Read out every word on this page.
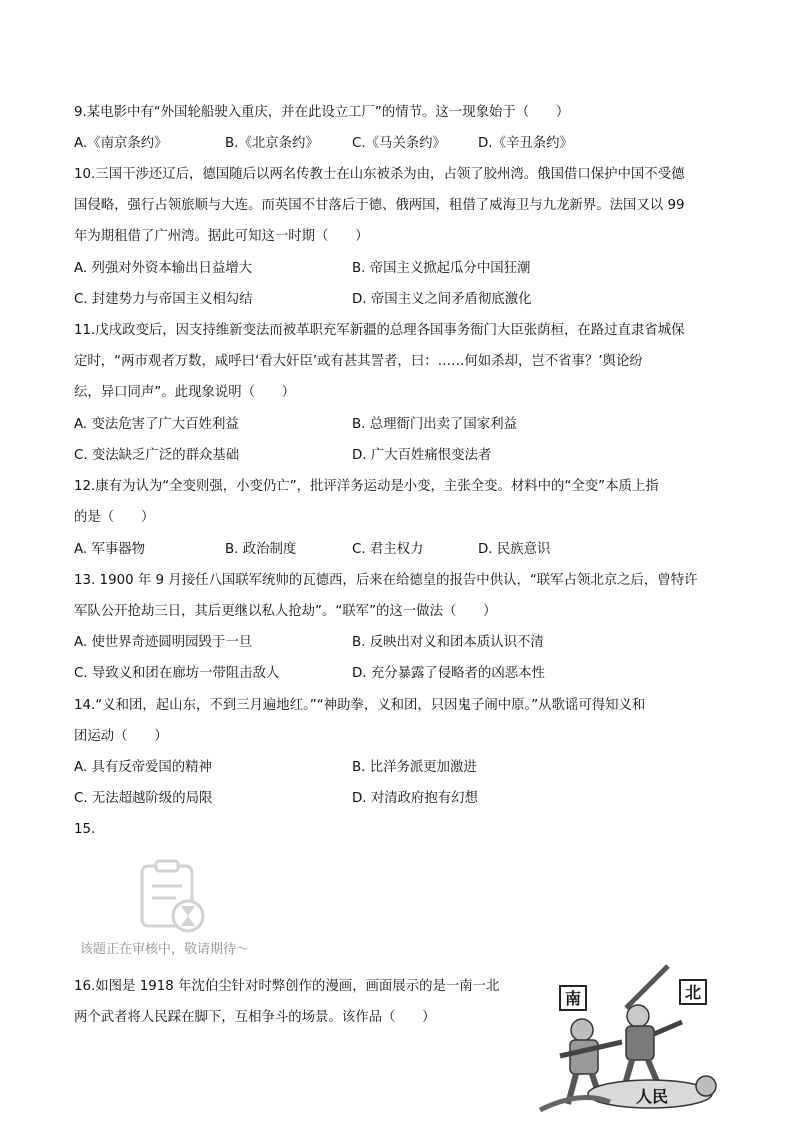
9.某电影中有“外国轮船驶入重庆，并在此设立工厂”的情节。这一现象始于（　　）
A.《南京条约》	B.《北京条约》 C.《马关条约》 D.《辛丑条约》
10.三国干涉还辽后，德国随后以两名传教士在山东被杀为由，占领了胶州湾。俄国借口保护中国不受德
国侵略，强行占领旅顺与大连。而英国不甘落后于德、俄两国，租借了威海卫与九龙新界。法国又以 99
年为期租借了广州湾。据此可知这一时期（　　）
A. 列强对外资本输出日益增大	B. 帝国主义掀起瓜分中国狂潮
C. 封建势力与帝国主义相勾结	D. 帝国主义之间矛盾彻底激化
11.戊戌政变后，因支持维新变法而被革职充军新疆的总理各国事务衙门大臣张荫桓，在路过直隶省城保
定时，“两市观者万数，咸呼曰‘看大奸臣’或有甚其詈者，曰：……何如杀却，岂不省事？’舆论纷
纭，异口同声”。此现象说明（　　）
A. 变法危害了广大百姓利益	B. 总理衙门出卖了国家利益
C. 变法缺乏广泛的群众基础	D. 广大百姓痛恨变法者
12.康有为认为“全变则强，小变仍亡”，批评洋务运动是小变，主张全变。材料中的“全变”本质上指
的是（　　）
A. 军事器物	B. 政治制度	C. 君主权力	D. 民族意识
13. 1900 年 9 月接任八国联军统帅的瓦德西，后来在给德皇的报告中供认，“联军占领北京之后，曾特许
军队公开抢劫三日，其后更继以私人抢劫”。“联军”的这一做法（　　）
A. 使世界奇迹圆明园毁于一旦	B. 反映出对义和团本质认识不清
C. 导致义和团在廊坊一带阻击敌人	D. 充分暴露了侵略者的凶恶本性
14.“义和团，起山东，不到三月遍地红。”“神助拳，义和团，只因鬼子闹中原。”从歌谣可得知义和
团运动（　　）
A. 具有反帝爱国的精神	B. 比洋务派更加激进
C. 无法超越阶级的局限	D. 对清政府抱有幻想
15.
该题正在审核中，敬请期待～
16.如图是 1918 年沈伯尘针对时弊创作的漫画，画面展示的是一南一北
两个武者将人民踩在脚下，互相争斗的场景。该作品（　　）
南	北
人民
